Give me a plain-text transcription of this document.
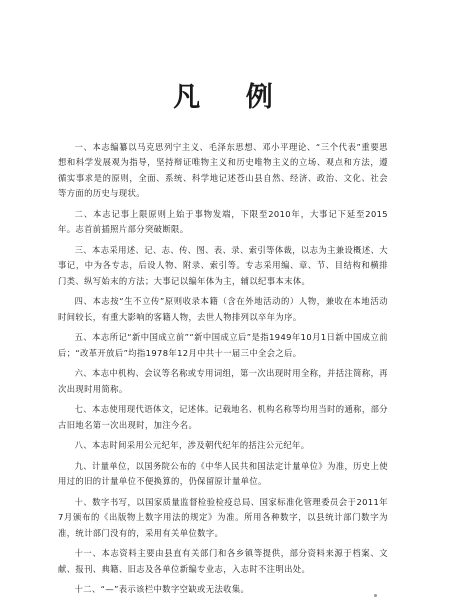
凡 例

一、本志编纂以马克思列宁主义、毛泽东思想、邓小平理论、“三个代表”重要思想和科学发展观为指导，坚持辩证唯物主义和历史唯物主义的立场、观点和方法，遵循实事求是的原则，全面、系统、科学地记述苍山县自然、经济、政治、文化、社会等方面的历史与现状。

二、本志记事上限原则上始于事物发端，下限至2010年，大事记下延至2015年。志首前插照片部分突破断限。

三、本志采用述、记、志、传、图、表、录、索引等体裁，以志为主兼设概述、大事记，中为各专志，后设人物、附录、索引等。专志采用编、章、节、目结构和横排门类、纵写始末的方法；大事记以编年体为主，辅以纪事本末体。

四、本志按“生不立传”原则收录本籍（含在外地活动的）人物，兼收在本地活动时间较长，有重大影响的客籍人物，去世人物排列以卒年为序。

五、本志所记“新中国成立前”“新中国成立后”是指1949年10月1日新中国成立前后；“改革开放后”均指1978年12月中共十一届三中全会之后。

六、本志中机构、会议等名称或专用词组，第一次出现时用全称，并括注简称，再次出现时用简称。

七、本志使用现代语体文，记述体。记载地名、机构名称等均用当时的通称，部分古旧地名第一次出现时，加注今名。

八、本志时间采用公元纪年，涉及朝代纪年的括注公元纪年。

九、计量单位，以国务院公布的《中华人民共和国法定计量单位》为准，历史上使用过的旧的计量单位不便换算的，仍保留原计量单位。

十、数字书写，以国家质量监督检验检疫总局、国家标准化管理委员会于2011年7月颁布的《出版物上数字用法的规定》为准。所用各种数字，以县统计部门数字为准，统计部门没有的，采用有关单位数字。

十一、本志资料主要由县直有关部门和各乡镇等提供，部分资料来源于档案、文献、报刊、典籍、旧志及各单位新编专业志，入志时不注明出处。

十二、“—”表示该栏中数字空缺或无法收集。
